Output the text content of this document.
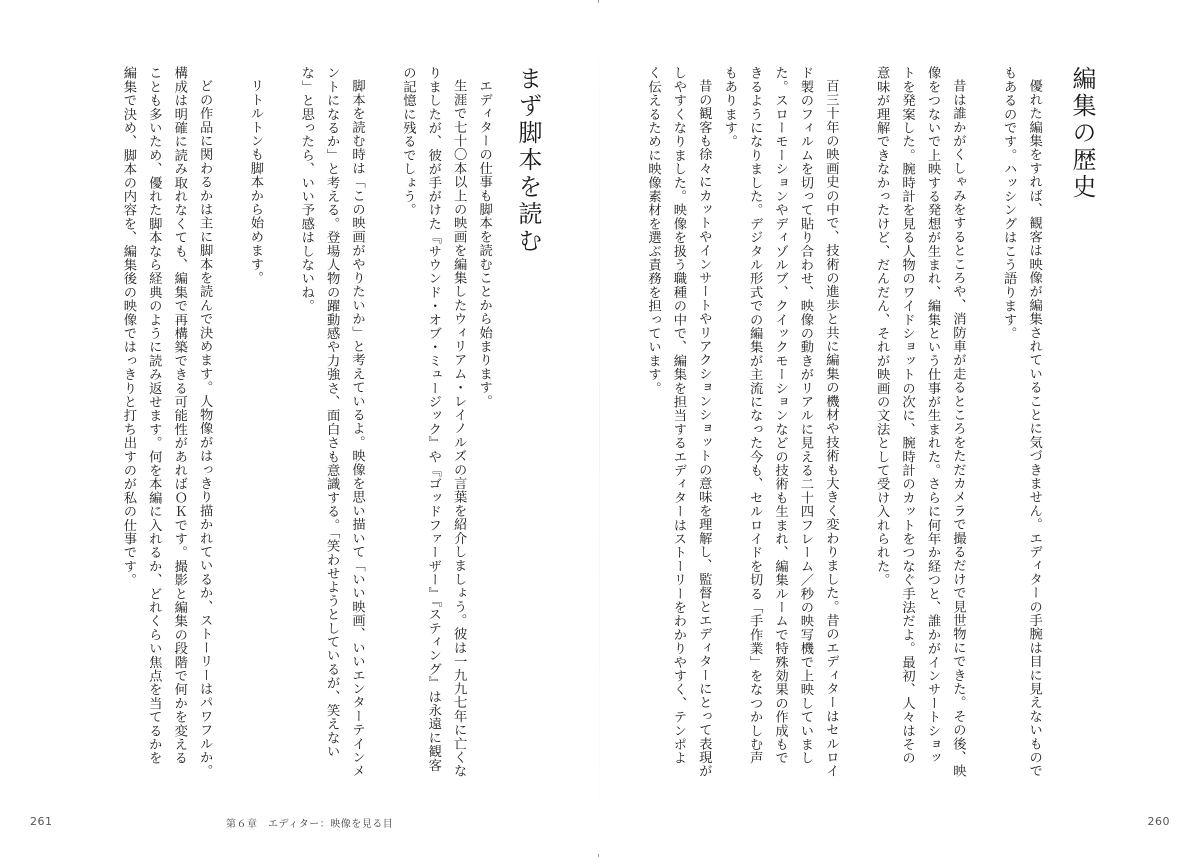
編集の歴史

優れた編集をすれば、観客は映像が編集されていることに気づきません。エディターの手腕は目に見えないものでもあるのです。ハッシングはこう語ります。

昔は誰かがくしゃみをするところや、消防車が走るところをただカメラで撮るだけで見世物にできた。その後、映像をつないで上映する発想が生まれ、編集という仕事が生まれた。さらに何年か経つと、誰かがインサートショットを発案した。腕時計を見る人物のワイドショットの次に、腕時計のカットをつなぐ手法だよ。最初、人々はその意味が理解できなかったけど、だんだん、それが映画の文法として受け入れられた。

百三十年の映画史の中で、技術の進歩と共に編集の機材や技術も大きく変わりました。昔のエディターはセルロイド製のフィルムを切って貼り合わせ、映像の動きがリアルに見える二十四フレーム／秒の映写機で上映していました。スローモーションやディゾルブ、クイックモーションなどの技術も生まれ、編集ルームで特殊効果の作成もできるようになりました。デジタル形式での編集が主流になった今も、セルロイドを切る「手作業」をなつかしむ声もあります。

昔の観客も徐々にカットやインサートやリアクションショットの意味を理解し、監督とエディターにとって表現がしやすくなりました。映像を扱う職種の中で、編集を担当するエディターはストーリーをわかりやすく、テンポよく伝えるために映像素材を選ぶ責務を担っています。

260
まず脚本を読む

エディターの仕事も脚本を読むことから始まります。

生涯で七十〇本以上の映画を編集したウィリアム・レイノルズの言葉を紹介しましょう。彼は一九九七年に亡くなりましたが、彼が手がけた『サウンド・オブ・ミュージック』や『ゴッドファーザー』『スティング』は永遠に観客の記憶に残るでしょう。

脚本を読む時は「この映画がやりたいか」と考えているよ。映像を思い描いて「いい映画、いいエンターテインメントになるか」と考える。登場人物の躍動感や力強さ、面白さも意識する。「笑わせようとしているが、笑えないな」と思ったら、いい予感はしないね。

リトルトンも脚本から始めます。

どの作品に関わるかは主に脚本を読んで決めます。人物像がはっきり描かれているか、ストーリーはパワフルか。構成は明確に読み取れなくても、編集で再構築できる可能性があればＯＫです。撮影と編集の段階で何かを変えることも多いため、優れた脚本なら経典のように読み返せます。何を本編に入れるか、どれくらい焦点を当てるかを編集で決め、脚本の内容を、編集後の映像ではっきりと打ち出すのが私の仕事です。

261	第６章　エディター：映像を見る目
